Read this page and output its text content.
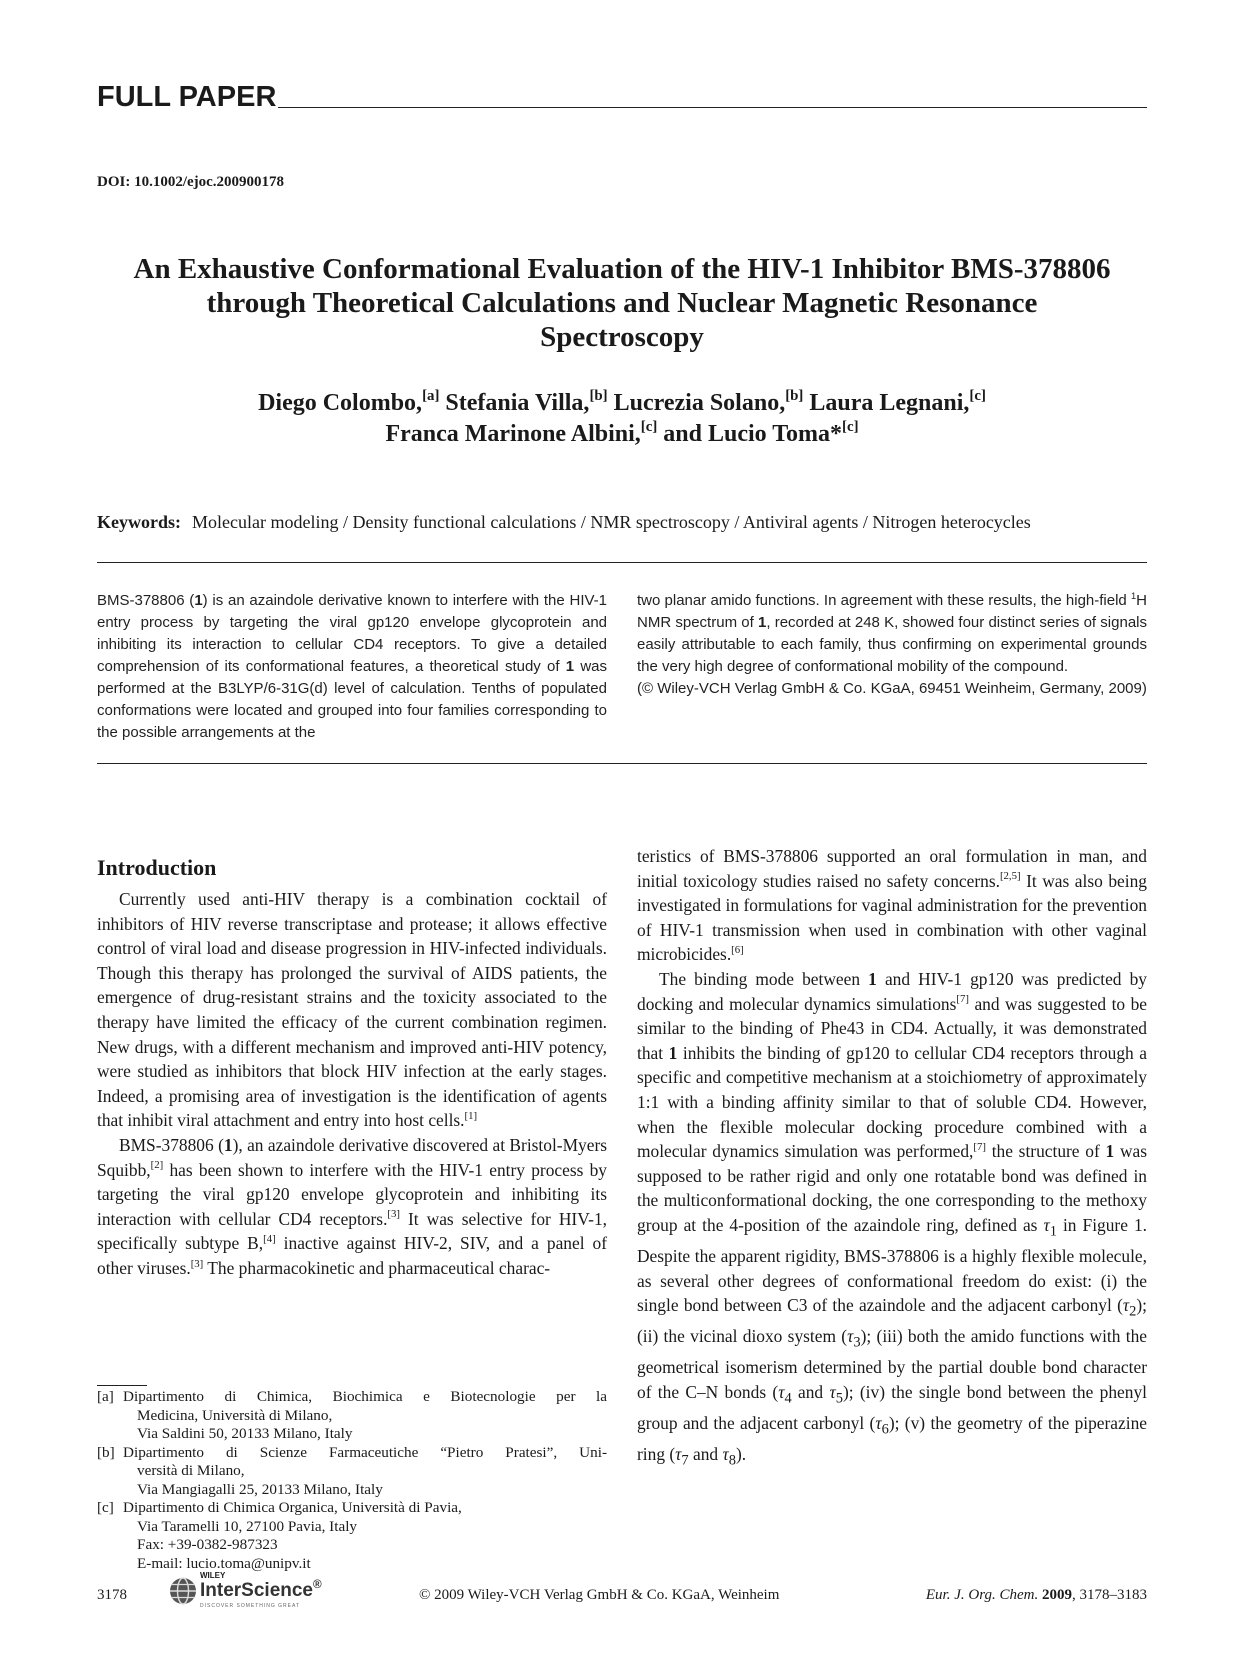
FULL PAPER
DOI: 10.1002/ejoc.200900178
An Exhaustive Conformational Evaluation of the HIV-1 Inhibitor BMS-378806
through Theoretical Calculations and Nuclear Magnetic Resonance
Spectroscopy
Diego Colombo,[a] Stefania Villa,[b] Lucrezia Solano,[b] Laura Legnani,[c]
Franca Marinone Albini,[c] and Lucio Toma*[c]
Keywords: Molecular modeling / Density functional calculations / NMR spectroscopy / Antiviral agents / Nitrogen heterocycles

BMS-378806 (1) is an azaindole derivative known to interfere with the HIV-1 entry process by targeting the viral gp120 envelope glycoprotein and inhibiting its interaction to cellular CD4 receptors. To give a detailed comprehension of its conformational features, a theoretical study of 1 was performed at the B3LYP/6-31G(d) level of calculation. Tenths of populated conformations were located and grouped into four families corresponding to the possible arrangements at the

two planar amido functions. In agreement with these results, the high-field $^1$H NMR spectrum of 1, recorded at 248 K, showed four distinct series of signals easily attributable to each family, thus confirming on experimental grounds the very high degree of conformational mobility of the compound.

(© Wiley-VCH Verlag GmbH & Co. KGaA, 69451 Weinheim, Germany, 2009)

Introduction

Currently used anti-HIV therapy is a combination cocktail of inhibitors of HIV reverse transcriptase and protease; it allows effective control of viral load and disease progression in HIV-infected individuals. Though this therapy has prolonged the survival of AIDS patients, the emergence of drug-resistant strains and the toxicity associated to the therapy have limited the efficacy of the current combination regimen. New drugs, with a different mechanism and improved anti-HIV potency, were studied as inhibitors that block HIV infection at the early stages. Indeed, a promising area of investigation is the identification of agents that inhibit viral attachment and entry into host cells.[1]

BMS-378806 (1), an azaindole derivative discovered at Bristol-Myers Squibb,[2] has been shown to interfere with the HIV-1 entry process by targeting the viral gp120 envelope glycoprotein and inhibiting its interaction with cellular CD4 receptors.[3] It was selective for HIV-1, specifically subtype B,[4] inactive against HIV-2, SIV, and a panel of other viruses.[3] The pharmacokinetic and pharmaceutical charac-

teristics of BMS-378806 supported an oral formulation in man, and initial toxicology studies raised no safety concerns.[2,5] It was also being investigated in formulations for vaginal administration for the prevention of HIV-1 transmission when used in combination with other vaginal microbicides.[6]

The binding mode between 1 and HIV-1 gp120 was predicted by docking and molecular dynamics simulations[7] and was suggested to be similar to the binding of Phe43 in CD4. Actually, it was demonstrated that 1 inhibits the binding of gp120 to cellular CD4 receptors through a specific and competitive mechanism at a stoichiometry of approximately 1:1 with a binding affinity similar to that of soluble CD4. However, when the flexible molecular docking procedure combined with a molecular dynamics simulation was performed,[7] the structure of 1 was supposed to be rather rigid and only one rotatable bond was defined in the multiconformational docking, the one corresponding to the methoxy group at the 4-position of the azaindole ring, defined as $\tau_1$ in Figure 1. Despite the apparent rigidity, BMS-378806 is a highly flexible molecule, as several other degrees of conformational freedom do exist: (i) the single bond between C3 of the azaindole and the adjacent carbonyl $(\tau_2)$; (ii) the vicinal dioxo system $(\tau_3)$; (iii) both the amido functions with the geometrical isomerism determined by the partial double bond character of the C–N bonds ($\tau_4$ and $\tau_5$); (iv) the single bond between the phenyl group and the adjacent carbonyl $(\tau_6)$; (v) the geometry of the piperazine ring ($\tau_7$ and $\tau_8$).

[a] Dipartimento di Chimica, Biochimica e Biotecnologie per la
Medicina, Università di Milano,
Via Saldini 50, 20133 Milano, Italy
[b] Dipartimento di Scienze Farmaceutiche “Pietro Pratesi”, Uni-
versità di Milano,
Via Mangiagalli 25, 20133 Milano, Italy
[c] Dipartimento di Chimica Organica, Università di Pavia,
Via Taramelli 10, 27100 Pavia, Italy
Fax: +39-0382-987323
E-mail: lucio.toma@unipv.it
3178
WILEY
InterScience®
DISCOVER SOMETHING GREAT
© 2009 Wiley-VCH Verlag GmbH & Co. KGaA, Weinheim	Eur. J. Org. Chem. 2009, 3178–3183
